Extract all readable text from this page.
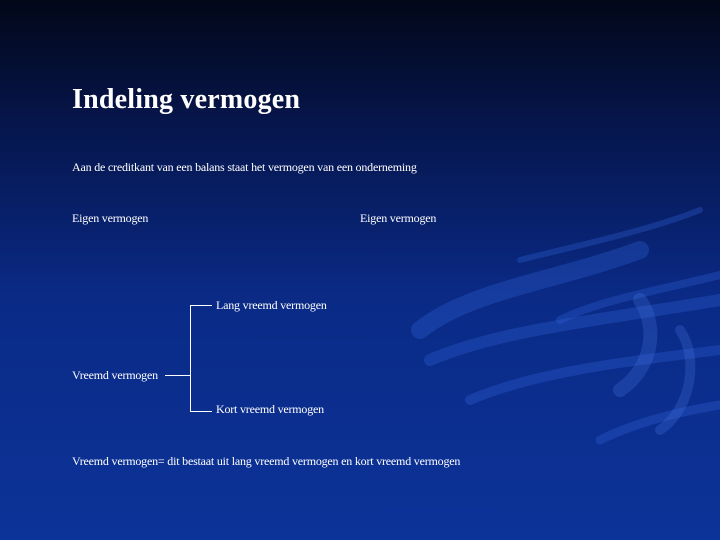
Indeling vermogen
Aan de creditkant van een balans staat het vermogen van een onderneming
Eigen vermogen	Eigen vermogen
Lang vreemd vermogen
Vreemd vermogen
Kort vreemd vermogen
Vreemd vermogen= dit bestaat uit lang vreemd vermogen en kort vreemd vermogen
